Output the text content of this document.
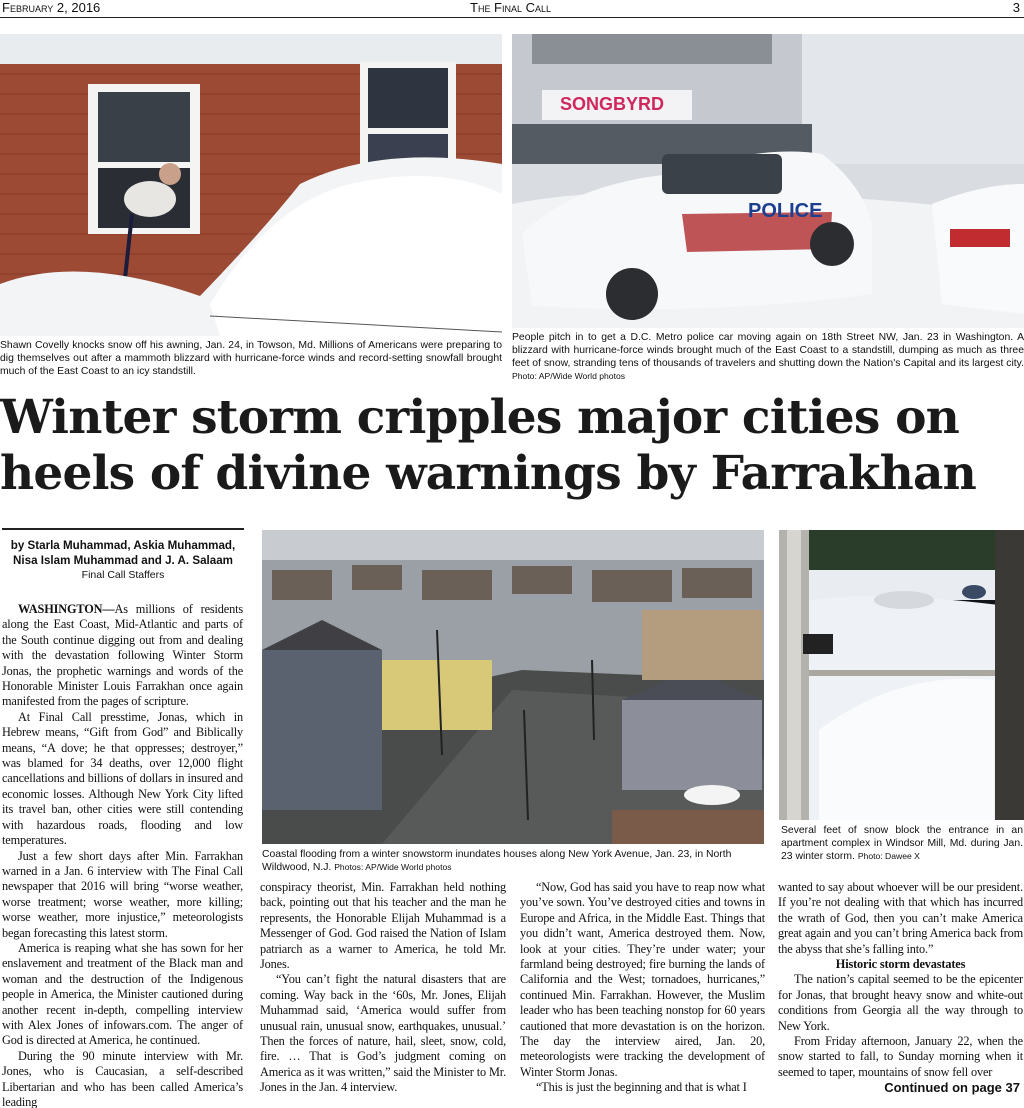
February 2, 2016	The Final Call	3
Shawn Covelly knocks snow off his awning, Jan. 24, in Towson, Md. Millions of Americans were preparing to dig themselves out after a mammoth blizzard with hurricane-force winds and record-setting snowfall brought much of the East Coast to an icy standstill.
SONGBYRD
POLICE
People pitch in to get a D.C. Metro police car moving again on 18th Street NW, Jan. 23 in Washington. A blizzard with hurricane-force winds brought much of the East Coast to a standstill, dumping as much as three feet of snow, stranding tens of thousands of travelers and shutting down the Nation's Capital and its largest city. Photo: AP/Wide World photos
Winter storm cripples major cities on
heels of divine warnings by Farrakhan
by Starla Muhammad, Askia Muhammad,
Nisa Islam Muhammad and J. A. Salaam
Final Call Staffers
Coastal flooding from a winter snowstorm inundates houses along New York Avenue, Jan. 23, in North Wildwood, N.J. Photos: AP/Wide World photos
Several feet of snow block the entrance in an apartment complex in Windsor Mill, Md. during Jan. 23 winter storm. Photo: Dawee X

WASHINGTON—As millions of residents along the East Coast, Mid-Atlantic and parts of the South continue digging out from and dealing with the devastation following Winter Storm Jonas, the prophetic warnings and words of the Honorable Minister Louis Farrakhan once again manifested from the pages of scripture.

At Final Call presstime, Jonas, which in Hebrew means, “Gift from God” and Biblically means, “A dove; he that oppresses; destroyer,” was blamed for 34 deaths, over 12,000 flight cancellations and billions of dollars in insured and economic losses. Although New York City lifted its travel ban, other cities were still contending with hazardous roads, flooding and low temperatures.

Just a few short days after Min. Farrakhan warned in a Jan. 6 interview with The Final Call newspaper that 2016 will bring “worse weather, worse treatment; worse weather, more killing; worse weather, more injustice,” meteorologists began forecasting this latest storm.

America is reaping what she has sown for her enslavement and treatment of the Black man and woman and the destruction of the Indigenous people in America, the Minister cautioned during another recent in-depth, compelling interview with Alex Jones of infowars.com. The anger of God is directed at America, he continued.

During the 90 minute interview with Mr. Jones, who is Caucasian, a self-described Libertarian and who has been called America’s leading

conspiracy theorist, Min. Farrakhan held nothing back, pointing out that his teacher and the man he represents, the Honorable Elijah Muhammad is a Messenger of God. God raised the Nation of Islam patriarch as a warner to America, he told Mr. Jones.

“You can’t fight the natural disasters that are coming. Way back in the ‘60s, Mr. Jones, Elijah Muhammad said, ‘America would suffer from unusual rain, unusual snow, earthquakes, unusual.’ Then the forces of nature, hail, sleet, snow, cold, fire. … That is God’s judgment coming on America as it was written,” said the Minister to Mr. Jones in the Jan. 4 interview.

“Now, God has said you have to reap now what you’ve sown. You’ve destroyed cities and towns in Europe and Africa, in the Middle East. Things that you didn’t want, America destroyed them. Now, look at your cities. They’re under water; your farmland being destroyed; fire burning the lands of California and the West; tornadoes, hurricanes,” continued Min. Farrakhan. However, the Muslim leader who has been teaching nonstop for 60 years cautioned that more devastation is on the horizon. The day the interview aired, Jan. 20, meteorologists were tracking the development of Winter Storm Jonas.

“This is just the beginning and that is what I

wanted to say about whoever will be our president. If you’re not dealing with that which has incurred the wrath of God, then you can’t make America great again and you can’t bring America back from the abyss that she’s falling into.”

Historic storm devastates

The nation’s capital seemed to be the epicenter for Jonas, that brought heavy snow and white-out conditions from Georgia all the way through to New York.

From Friday afternoon, January 22, when the snow started to fall, to Sunday morning when it seemed to taper, mountains of snow fell over

Continued on page 37
